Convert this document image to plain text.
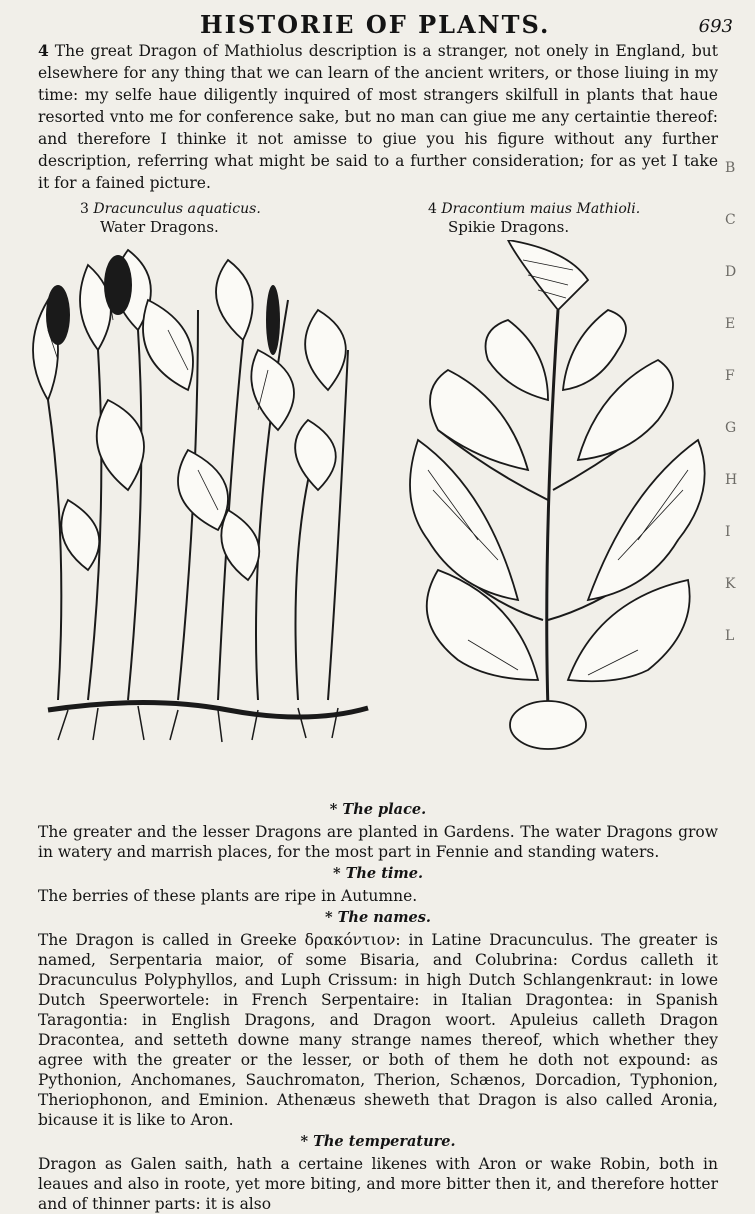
HISTORIE OF PLANTS.	693
4 The great Dragon of Mathiolus description is a stranger, not onely in England, but elsewhere for any thing that we can learn of the ancient writers, or those liuing in my time: my selfe haue diligently inquired of most strangers skilfull in plants that haue resorted vnto me for conference sake, but no man can giue me any certaintie thereof: and therefore I thinke it not amisse to giue you his figure without any further description, referring what might be said to a further consideration; for as yet I take it for a fained picture.
3 Dracunculus aquaticus.
Water Dragons.
4 Dracontium maius Mathioli.
Spikie Dragons.
* The place.

The greater and the lesser Dragons are planted in Gardens. The water Dragons grow in watery and marrish places, for the most part in Fennie and standing waters.

* The time.

The berries of these plants are ripe in Autumne.

* The names.

The Dragon is called in Greeke δρακόντιον: in Latine Dracunculus. The greater is named, Serpentaria maior, of some Bisaria, and Colubrina: Cordus calleth it Dracunculus Polyphyllos, and Luph Crissum: in high Dutch Schlangenkraut: in lowe Dutch Speerwortele: in French Serpentaire: in Italian Dragontea: in Spanish Taragontia: in English Dragons, and Dragon woort. Apuleius calleth Dragon Dracontea, and setteth downe many strange names thereof, which whether they agree with the greater or the lesser, or both of them he doth not expound: as Pythonion, Anchomanes, Sauchromaton, Therion, Schænos, Dorcadion, Typhonion, Theriophonon, and Eminion. Athenæus sheweth that Dragon is also called Aronia, bicause it is like to Aron.

* The temperature.

Dragon as Galen saith, hath a certaine likenes with Aron or wake Robin, both in leaues and also in roote, yet more biting, and more bitter then it, and therefore hotter and of thinner parts: it is also

B
C
D
E
F
G
H
I
K
L
